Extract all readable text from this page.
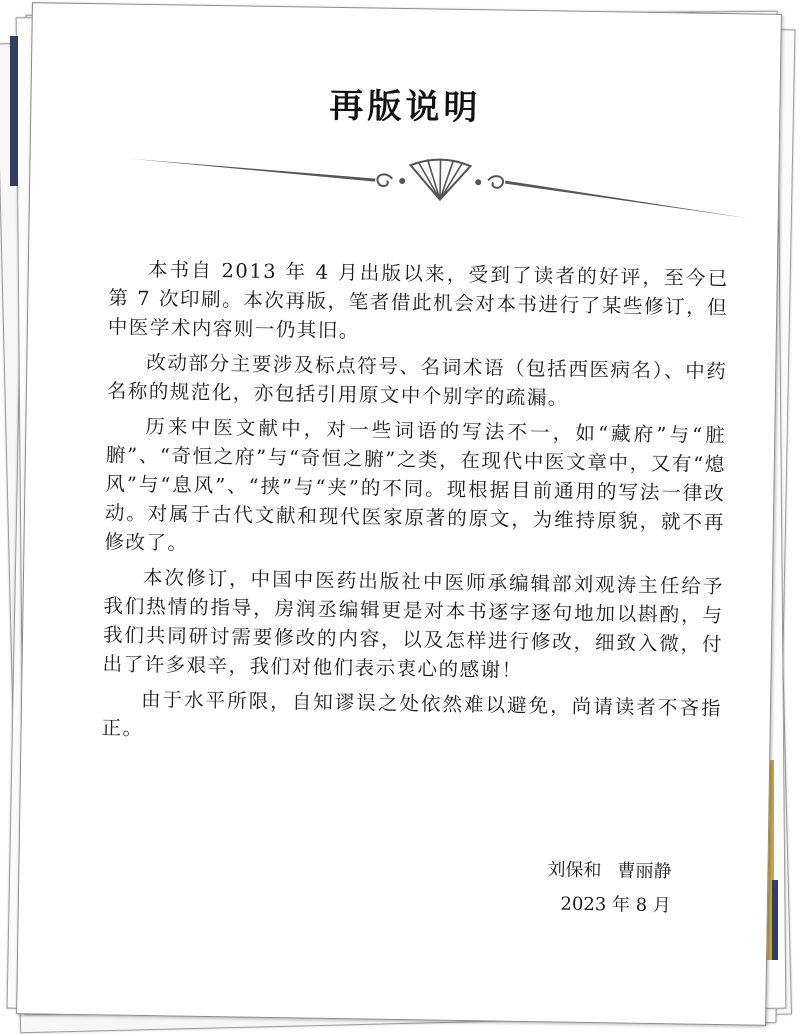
再版说明

本书自 2013 年 4 月出版以来，受到了读者的好评，至今已第 7 次印刷。本次再版，笔者借此机会对本书进行了某些修订，但中医学术内容则一仍其旧。

改动部分主要涉及标点符号、名词术语（包括西医病名）、中药名称的规范化，亦包括引用原文中个别字的疏漏。

历来中医文献中，对一些词语的写法不一，如“藏府”与“脏腑”、“奇恒之府”与“奇恒之腑”之类，在现代中医文章中，又有“熄风”与“息风”、“挟”与“夹”的不同。现根据目前通用的写法一律改动。对属于古代文献和现代医家原著的原文，为维持原貌，就不再修改了。

本次修订，中国中医药出版社中医师承编辑部刘观涛主任给予我们热情的指导，房润丞编辑更是对本书逐字逐句地加以斟酌，与我们共同研讨需要修改的内容，以及怎样进行修改，细致入微，付出了许多艰辛，我们对他们表示衷心的感谢！

由于水平所限，自知谬误之处依然难以避免，尚请读者不吝指正。

刘保和 曹丽静
2023 年 8 月
